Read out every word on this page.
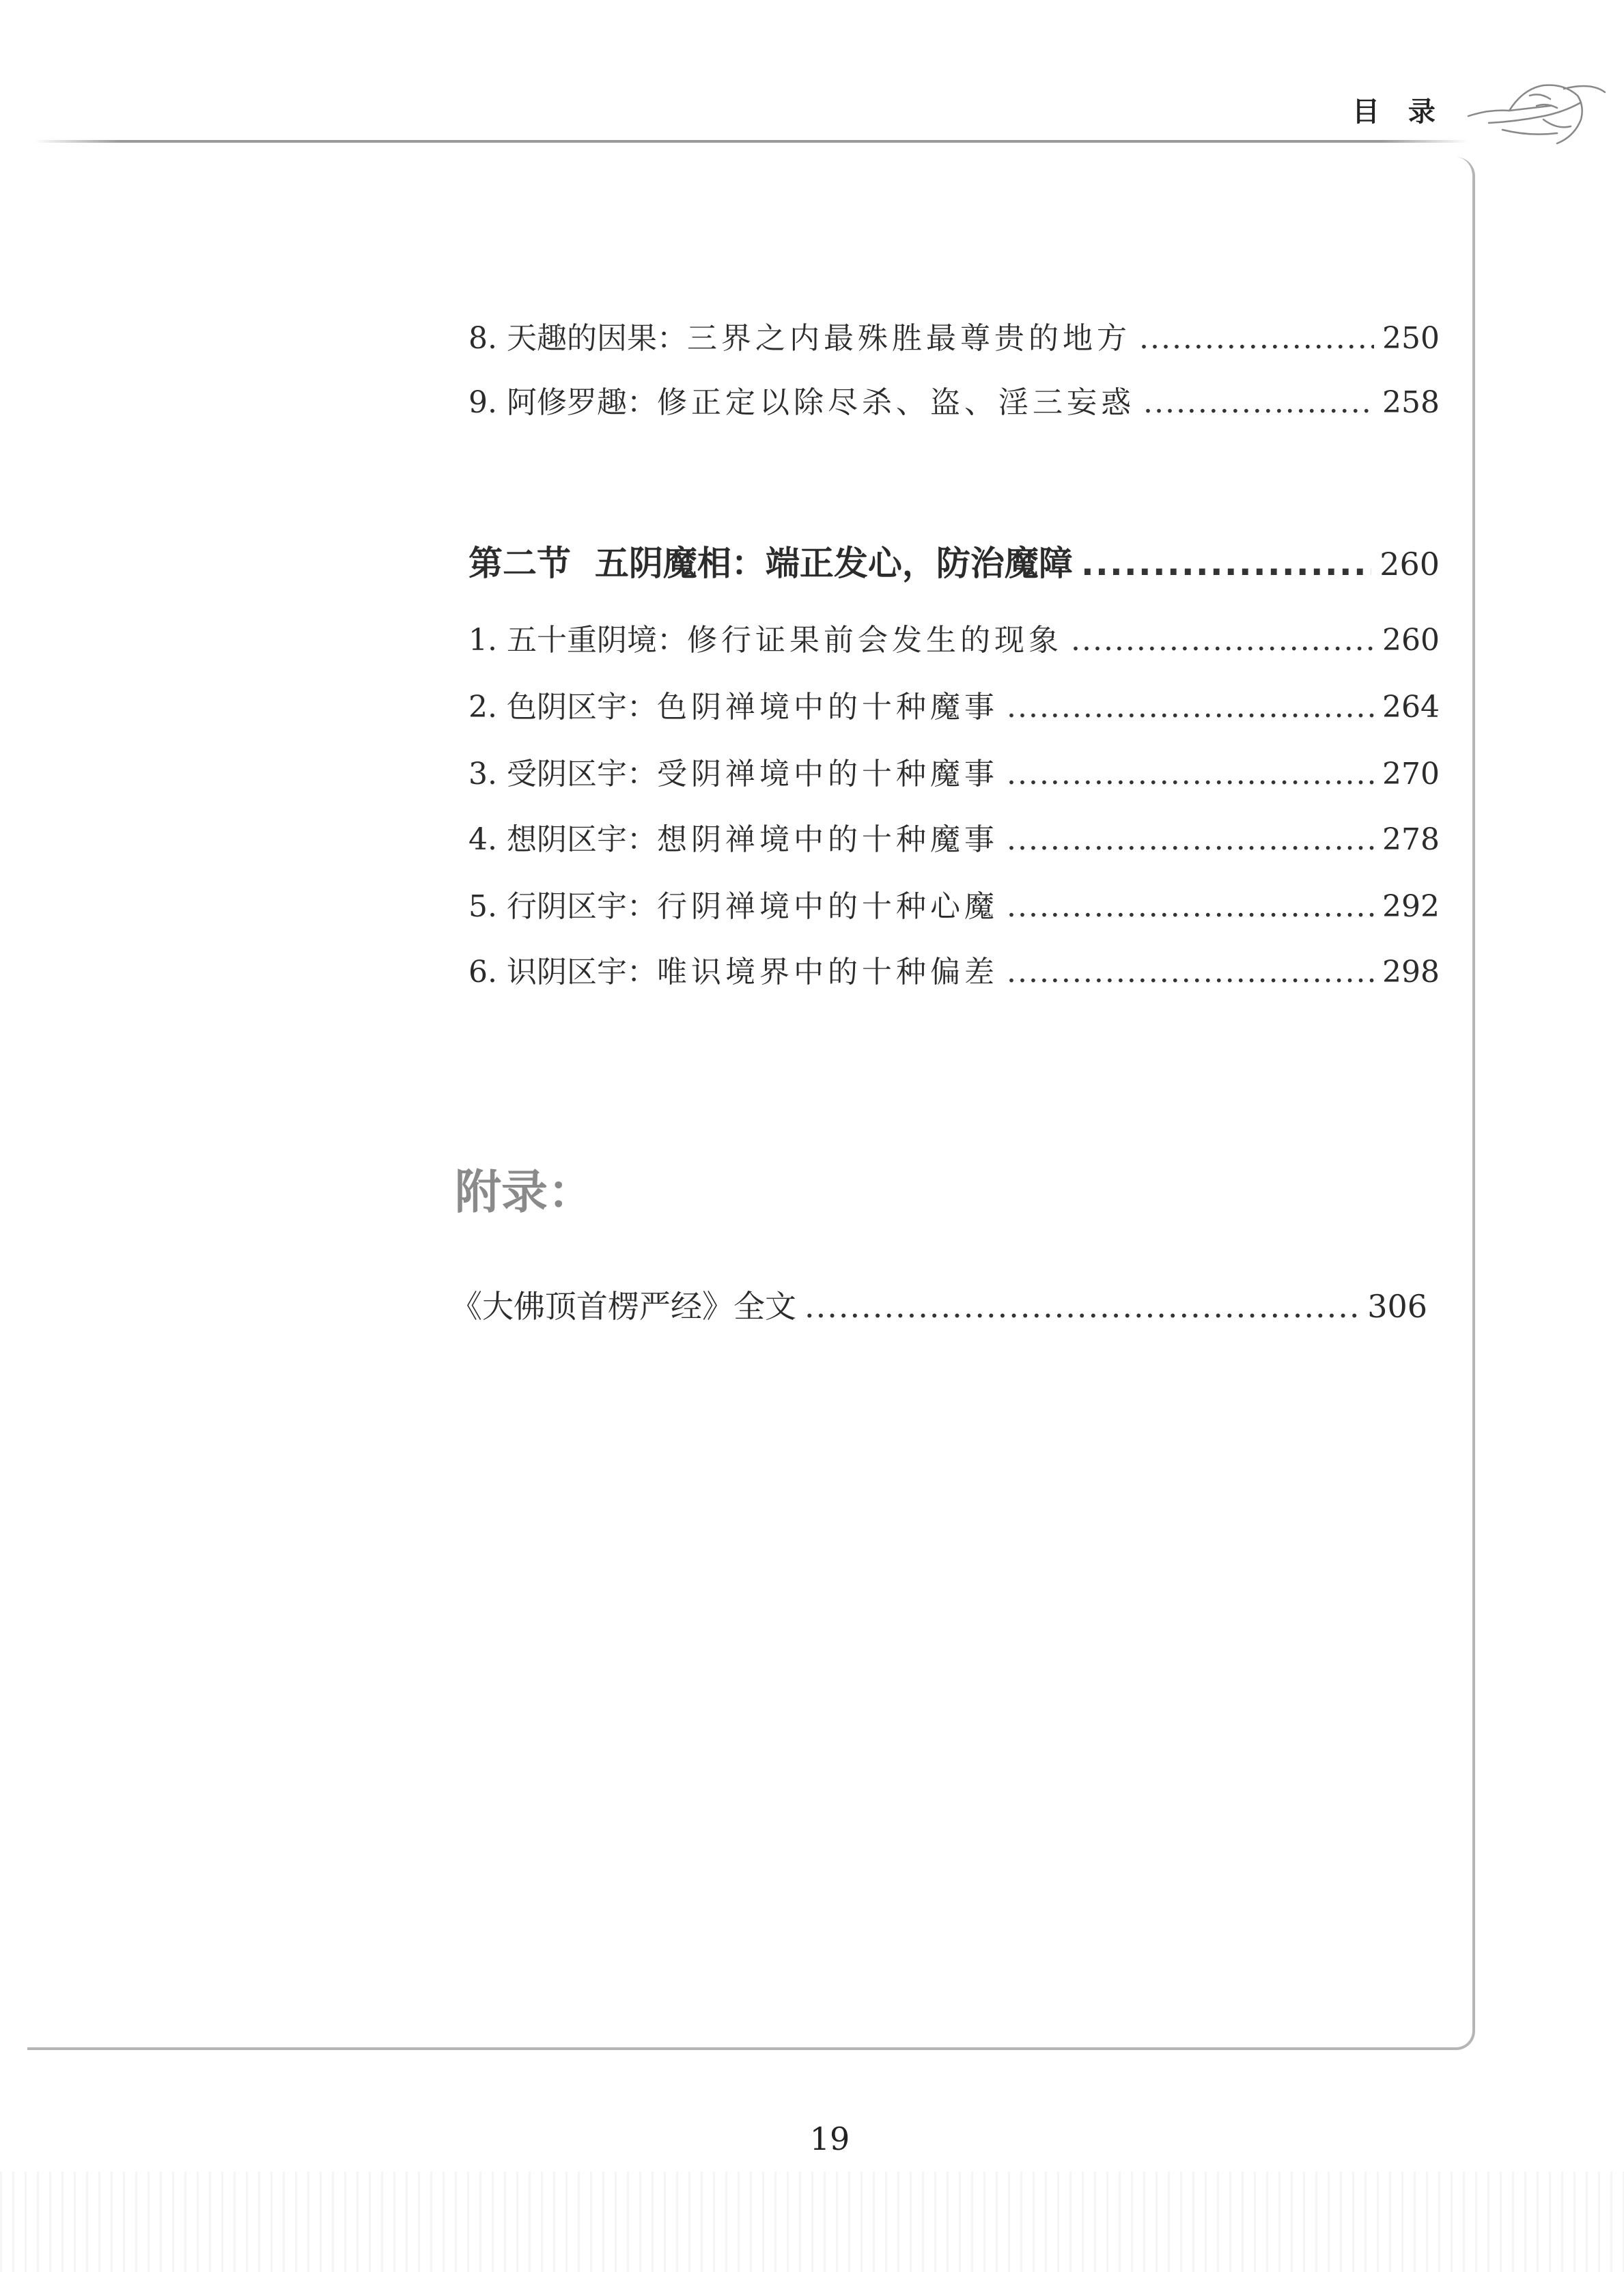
目 录
8. 天趣的因果：三界之内最殊胜最尊贵的地方 .....	250
9. 阿修罗趣：修正定以除尽杀、盗、淫三妄惑 .....	258
第二节  五阴魔相：端正发心，防治魔障 .....	260
1. 五十重阴境：修行证果前会发生的现象 .....	260
2. 色阴区宇：色阴禅境中的十种魔事 .....	264
3. 受阴区宇：受阴禅境中的十种魔事 .....	270
4. 想阴区宇：想阴禅境中的十种魔事 .....	278
5. 行阴区宇：行阴禅境中的十种心魔 .....	292
6. 识阴区宇：唯识境界中的十种偏差 .....	298
附录：
《大佛顶首楞严经》全文 .....	306
19
